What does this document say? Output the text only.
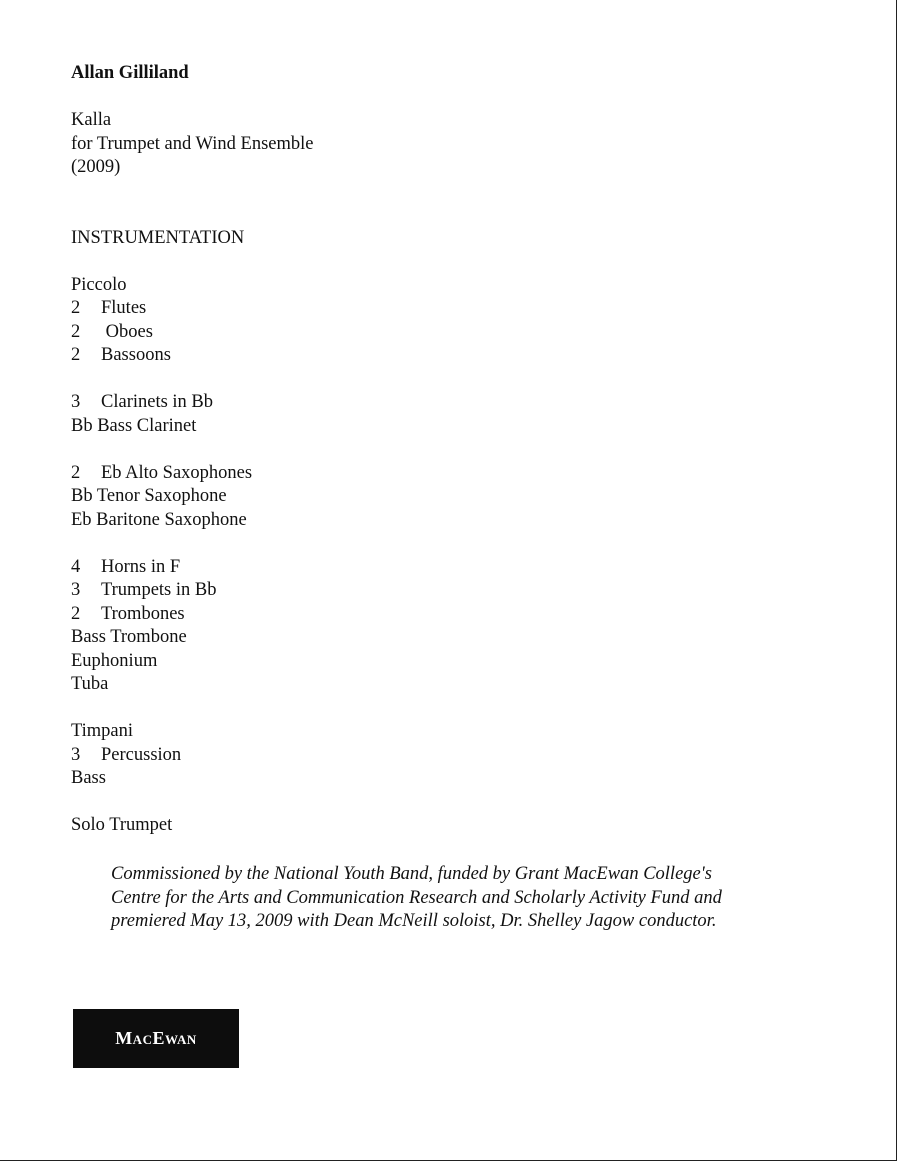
Allan Gilliland
Kalla
for Trumpet and Wind Ensemble
(2009)
INSTRUMENTATION
Piccolo
2 Flutes
2 Oboes
2 Bassoons
3 Clarinets in Bb
Bb Bass Clarinet
2 Eb Alto Saxophones
Bb Tenor Saxophone
Eb Baritone Saxophone
4 Horns in F
3 Trumpets in Bb
2 Trombones
Bass Trombone
Euphonium
Tuba
Timpani
3 Percussion
Bass
Solo Trumpet
Commissioned by the National Youth Band, funded by Grant MacEwan College's
Centre for the Arts and Communication Research and Scholarly Activity Fund and
premiered May 13, 2009 with Dean McNeill soloist, Dr. Shelley Jagow conductor.
MacEwan
